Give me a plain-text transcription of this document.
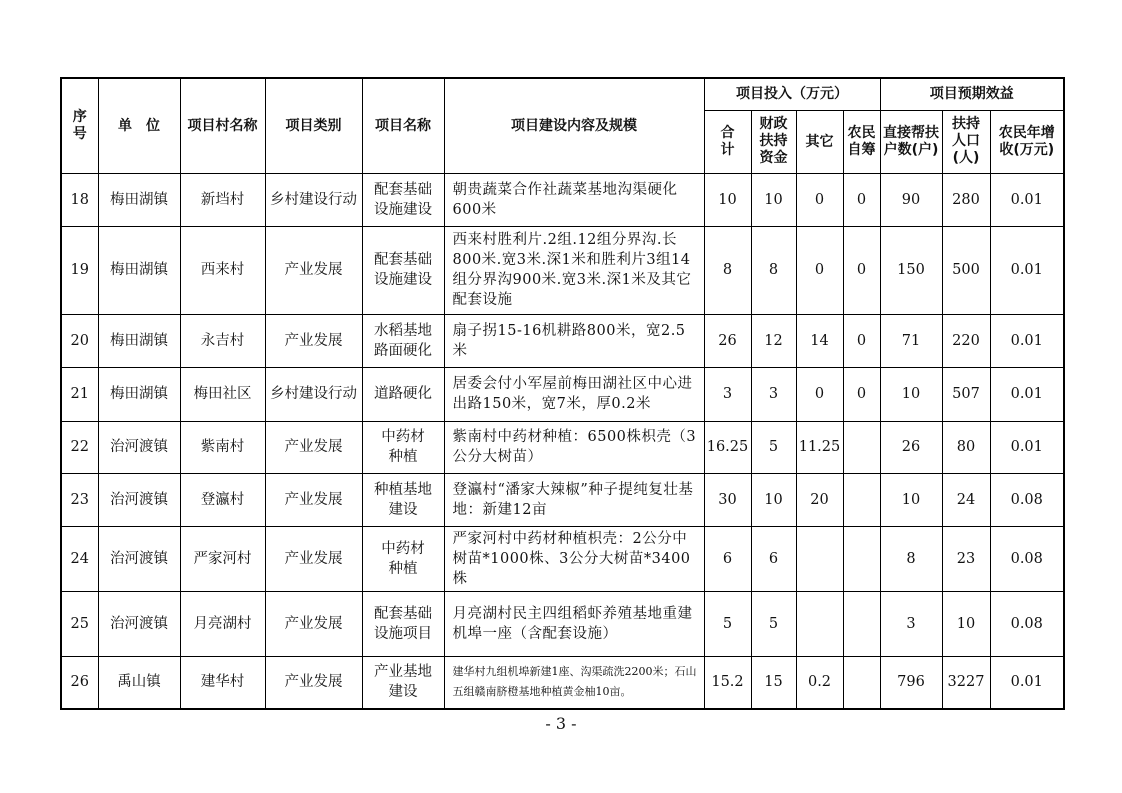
序号	单　位	项目村名称	项目类别	项目名称	项目建设内容及规模	项目投入（万元）				项目预期效益		
						合计	财政扶持资金	其它	农民自筹	直接帮扶户数(户)	扶持人口(人)	农民年增收(万元)
18	梅田湖镇	新垱村	乡村建设行动	配套基础设施建设	朝贵蔬菜合作社蔬菜基地沟渠硬化600米	10	10	0	0	90	280	0.01
19	梅田湖镇	西来村	产业发展	配套基础设施建设	西来村胜利片.2组.12组分界沟.长800米.宽3米.深1米和胜利片3组14组分界沟900米.宽3米.深1米及其它配套设施	8	8	0	0	150	500	0.01
20	梅田湖镇	永吉村	产业发展	水稻基地路面硬化	扇子拐15-16机耕路800米，宽2.5米	26	12	14	0	71	220	0.01
21	梅田湖镇	梅田社区	乡村建设行动	道路硬化	居委会付小军屋前梅田湖社区中心进出路150米，宽7米，厚0.2米	3	3	0	0	10	507	0.01
22	治河渡镇	紫南村	产业发展	中药材种植	紫南村中药材种植：6500株枳壳（3公分大树苗）	16.25	5	11.25		26	80	0.01
23	治河渡镇	登瀛村	产业发展	种植基地建设	登瀛村“潘家大辣椒”种子提纯复壮基地：新建12亩	30	10	20		10	24	0.08
24	治河渡镇	严家河村	产业发展	中药材种植	严家河村中药材种植枳壳：2公分中树苗*1000株、3公分大树苗*3400株	6	6			8	23	0.08
25	治河渡镇	月亮湖村	产业发展	配套基础设施项目	月亮湖村民主四组稻虾养殖基地重建机埠一座（含配套设施）	5	5			3	10	0.08
26	禹山镇	建华村	产业发展	产业基地建设	建华村九组机埠新建1座、沟渠疏洗2200米；石山五组赣南脐橙基地种植黄金柚10亩。	15.2	15	0.2		796	3227	0.01
- 3 -
